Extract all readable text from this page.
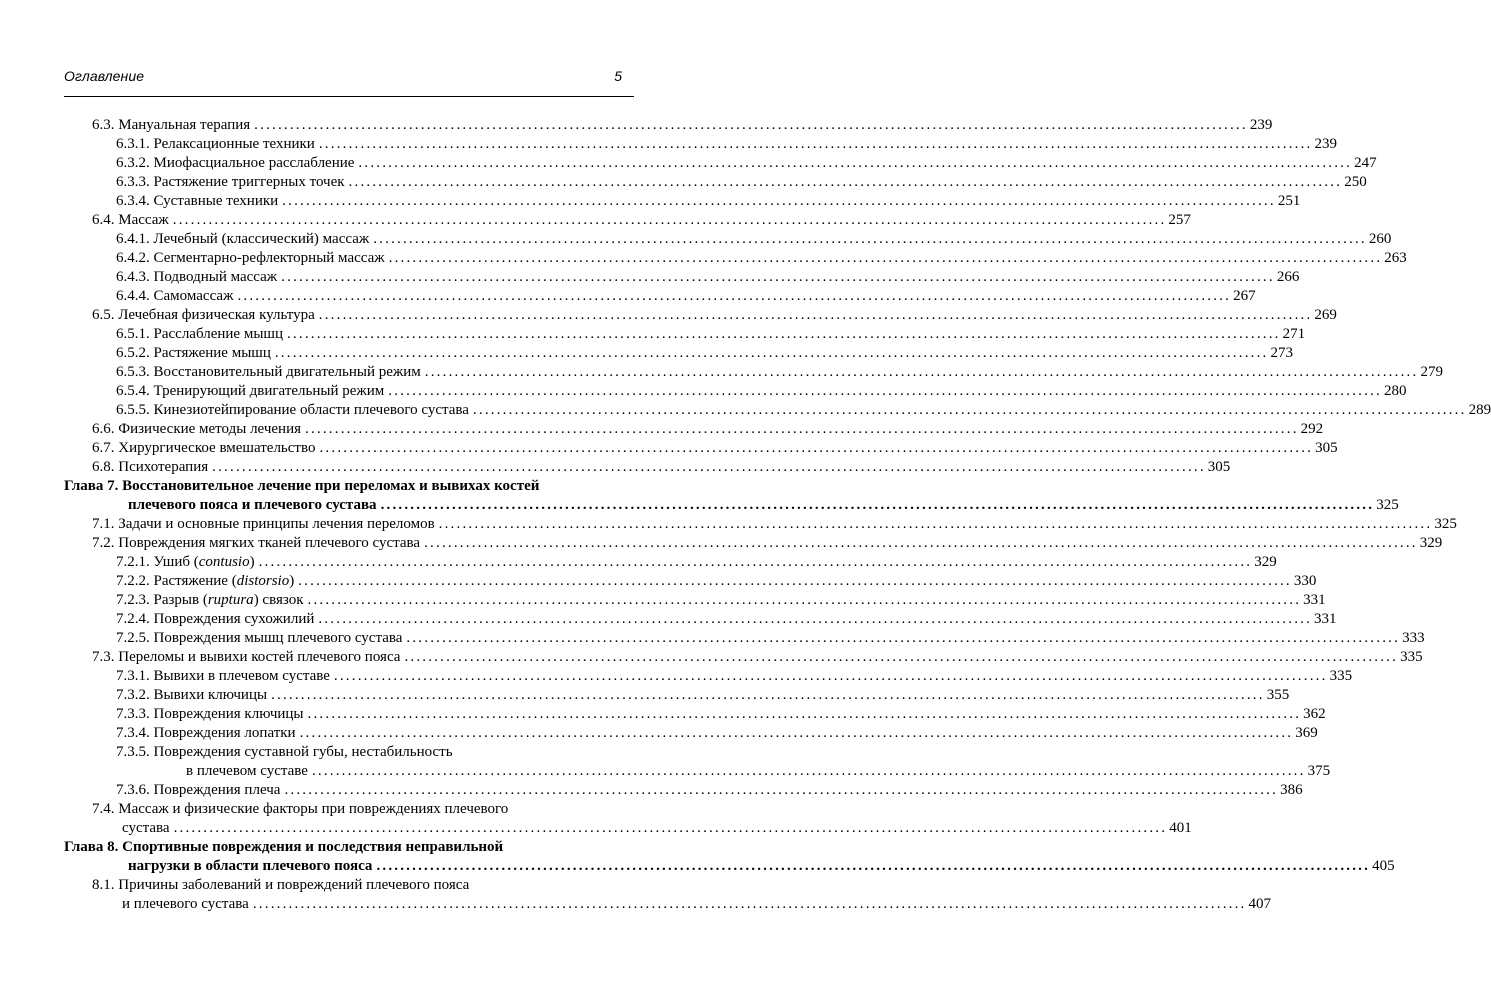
Оглавление	5
6.3. Мануальная терапия ....................................................................................................................................................................... 239
6.3.1. Релаксационные техники ....................................................................................................................................................................... 239
6.3.2. Миофасциальное расслабление ....................................................................................................................................................................... 247
6.3.3. Растяжение триггерных точек ....................................................................................................................................................................... 250
6.3.4. Суставные техники ....................................................................................................................................................................... 251
6.4. Массаж ....................................................................................................................................................................... 257
6.4.1. Лечебный (классический) массаж ....................................................................................................................................................................... 260
6.4.2. Сегментарно-рефлекторный массаж ....................................................................................................................................................................... 263
6.4.3. Подводный массаж ....................................................................................................................................................................... 266
6.4.4. Самомассаж ....................................................................................................................................................................... 267
6.5. Лечебная физическая культура ....................................................................................................................................................................... 269
6.5.1. Расслабление мышц ....................................................................................................................................................................... 271
6.5.2. Растяжение мышц ....................................................................................................................................................................... 273
6.5.3. Восстановительный двигательный режим ....................................................................................................................................................................... 279
6.5.4. Тренирующий двигательный режим ....................................................................................................................................................................... 280
6.5.5. Кинезиотейпирование области плечевого сустава ....................................................................................................................................................................... 289
6.6. Физические методы лечения ....................................................................................................................................................................... 292
6.7. Хирургическое вмешательство ....................................................................................................................................................................... 305
6.8. Психотерапия ....................................................................................................................................................................... 305
Глава 7. Восстановительное лечение при переломах и вывихах костей
плечевого пояса и плечевого сустава ....................................................................................................................................................................... 325
7.1. Задачи и основные принципы лечения переломов ....................................................................................................................................................................... 325
7.2. Повреждения мягких тканей плечевого сустава ....................................................................................................................................................................... 329
7.2.1. Ушиб (contusio) ....................................................................................................................................................................... 329
7.2.2. Растяжение (distorsio) ....................................................................................................................................................................... 330
7.2.3. Разрыв (ruptura) связок ....................................................................................................................................................................... 331
7.2.4. Повреждения сухожилий ....................................................................................................................................................................... 331
7.2.5. Повреждения мышц плечевого сустава ....................................................................................................................................................................... 333
7.3. Переломы и вывихи костей плечевого пояса ....................................................................................................................................................................... 335
7.3.1. Вывихи в плечевом суставе ....................................................................................................................................................................... 335
7.3.2. Вывихи ключицы ....................................................................................................................................................................... 355
7.3.3. Повреждения ключицы ....................................................................................................................................................................... 362
7.3.4. Повреждения лопатки ....................................................................................................................................................................... 369
7.3.5. Повреждения суставной губы, нестабильность
в плечевом суставе ....................................................................................................................................................................... 375
7.3.6. Повреждения плеча ....................................................................................................................................................................... 386
7.4. Массаж и физические факторы при повреждениях плечевого
сустава ....................................................................................................................................................................... 401
Глава 8. Спортивные повреждения и последствия неправильной
нагрузки в области плечевого пояса ....................................................................................................................................................................... 405
8.1. Причины заболеваний и повреждений плечевого пояса
и плечевого сустава ....................................................................................................................................................................... 407
